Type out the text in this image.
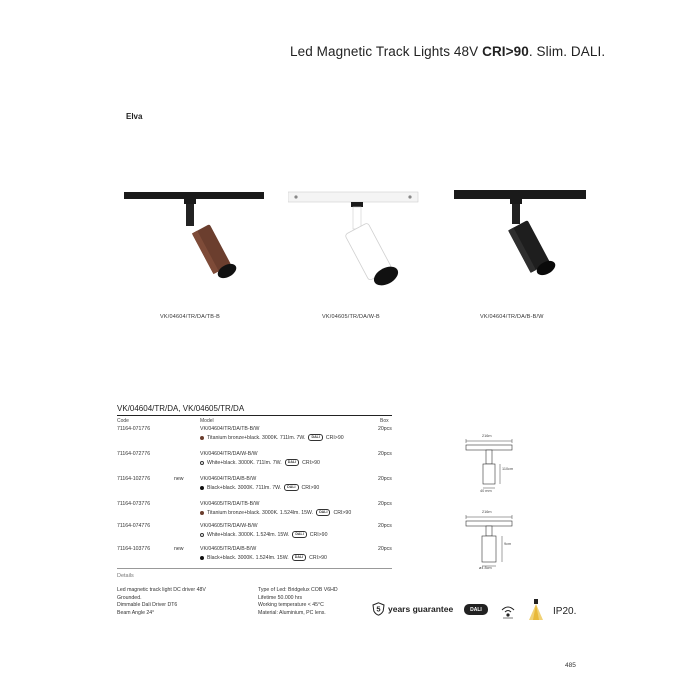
Led Magnetic Track Lights 48V CRI>90. Slim. DALI.
Elva
VK/04604/TR/DA/TB-B	VK/04605/TR/DA/W-B	VK/04604/TR/DA/B-B/W
VK/04604/TR/DA, VK/04605/TR/DA
Code	Model	Box
71164-071776	VK/04604/TR/DA/TB-B/W	20pcs
Titanium bronze+black. 3000K. 711lm. 7W.	DALI	CRI>90
71164-072776	VK/04604/TR/DA/W-B/W	20pcs
White+black. 3000K. 711lm. 7W.	DALI	CRI>90
71164-102776	new	VK/04604/TR/DA/B-B/W	20pcs
Black+black. 3000K. 711lm. 7W.	DALI	CRI>90
71164-073776	VK/04605/TR/DA/TB-B/W	20pcs
Titanium bronze+black. 3000K. 1.524lm. 15W.	DALI	CRI>90
71164-074776	VK/04605/TR/DA/W-B/W	20pcs
White+black. 3000K. 1.524lm. 15W.	DALI	CRI>90
71164-103776	new	VK/04605/TR/DA/B-B/W	20pcs
Black+black. 3000K. 1.524lm. 15W.	DALI	CRI>90
216m
110cm
40 mm
216m
9cm
ø4 8cm
Details
Led magnetic track light DC driver 48V
Grounded.
Dimmable Dali Driver DT6
Beam Angle 24°
Type of Led: Bridgelux COB V6HD
Lifetime 50.000 hrs
Working temperature < 45°C
Material: Aluminium, PC lens.	5 years guarantee	DALI	IP20.
485
